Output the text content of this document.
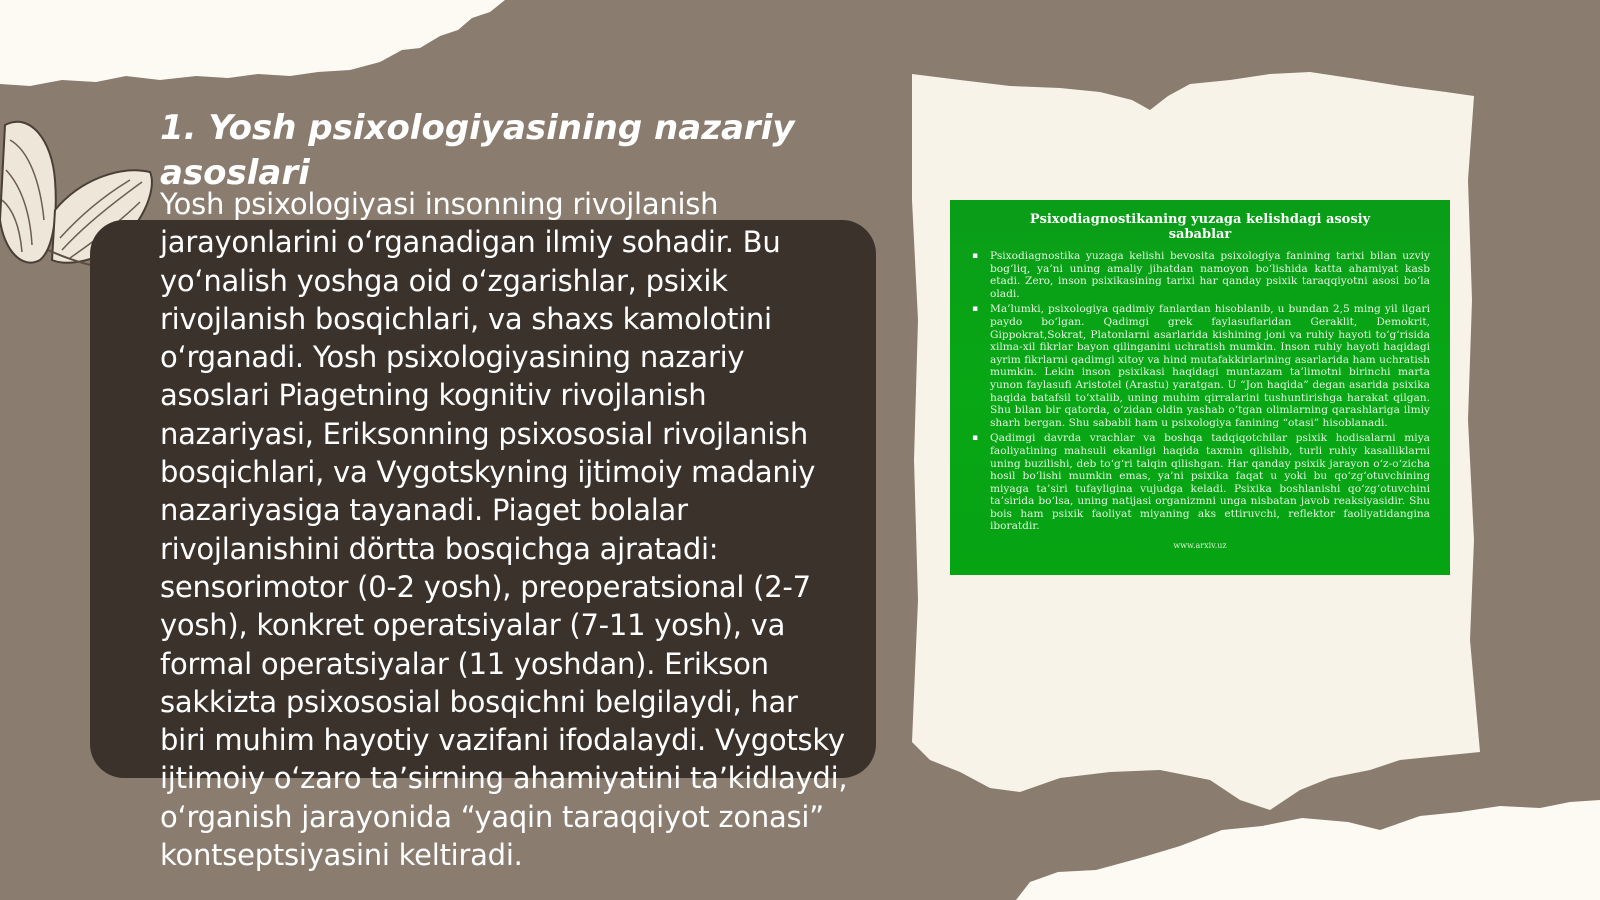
1. Yosh psixologiyasining nazariy asoslari

Yosh psixologiyasi insonning rivojlanish jarayonlarini o‘rganadigan ilmiy sohadir. Bu yo‘nalish yoshga oid o‘zgarishlar, psixik rivojlanish bosqichlari, va shaxs kamolotini o‘rganadi. Yosh psixologiyasining nazariy asoslari Piagetning kognitiv rivojlanish nazariyasi, Eriksonning psixososial rivojlanish bosqichlari, va Vygotskyning ijtimoiy madaniy nazariyasiga tayanadi. Piaget bolalar rivojlanishini dörtta bosqichga ajratadi: sensorimotor (0-2 yosh), preoperatsional (2-7 yosh), konkret operatsiyalar (7-11 yosh), va formal operatsiyalar (11 yoshdan). Erikson sakkizta psixososial bosqichni belgilaydi, har biri muhim hayotiy vazifani ifodalaydi. Vygotsky ijtimoiy o‘zaro ta’sirning ahamiyatini ta’kidlaydi, o‘rganish jarayonida “yaqin taraqqiyot zonasi” kontseptsiyasini keltiradi.

Psixodiagnostikaning yuzaga kelishdagi asosiy sabablar
▪ Psixodiagnostika yuzaga kelishi bevosita psixologiya fanining tarixi bilan uzviy bog‘liq, ya’ni uning amaliy jihatdan namoyon bo‘lishida katta ahamiyat kasb etadi. Zero, inson psixikasining tarixi har qanday psixik taraqqiyotni asosi bo‘la oladi.
▪ Ma’lumki, psixologiya qadimiy fanlardan hisoblanib, u bundan 2,5 ming yil ilgari paydo bo‘lgan. Qadimgi grek faylasuflaridan Geraklit, Demokrit, Gippokrat,Sokrat, Platonlarni asarlarida kishining joni va ruhiy hayoti to‘g‘risida xilma-xil fikrlar bayon qilinganini uchratish mumkin. Inson ruhiy hayoti haqidagi ayrim fikrlarni qadimgi xitoy va hind mutafakkirlarining asarlarida ham uchratish mumkin. Lekin inson psixikasi haqidagi muntazam ta’limotni birinchi marta yunon faylasufi Aristotel (Arastu) yaratgan. U “Jon haqida” degan asarida psixika haqida batafsil to‘xtalib, uning muhim qirralarini tushuntirishga harakat qilgan. Shu bilan bir qatorda, o‘zidan oldin yashab o‘tgan olimlarning qarashlariga ilmiy sharh bergan. Shu sababli ham u psixologiya fanining “otasi” hisoblanadi.
▪ Qadimgi davrda vrachlar va boshqa tadqiqotchilar psixik hodisalarni miya faoliyatining mahsuli ekanligi haqida taxmin qilishib, turli ruhiy kasalliklarni uning buzilishi, deb to‘g‘ri talqin qilishgan. Har qanday psixik jarayon o‘z-o‘zicha hosil bo‘lishi mumkin emas, ya’ni psixika faqat u yoki bu qo‘zg‘otuvchining miyaga ta’siri tufayligina vujudga keladi. Psixika boshlanishi qo‘zg‘otuvchini ta’sirida bo‘lsa, uning natijasi organizmni unga nisbatan javob reaksiyasidir. Shu bois ham psixik faoliyat miyaning aks ettiruvchi, reflektor faoliyatidangina iboratdir.
www.arxiv.uz
